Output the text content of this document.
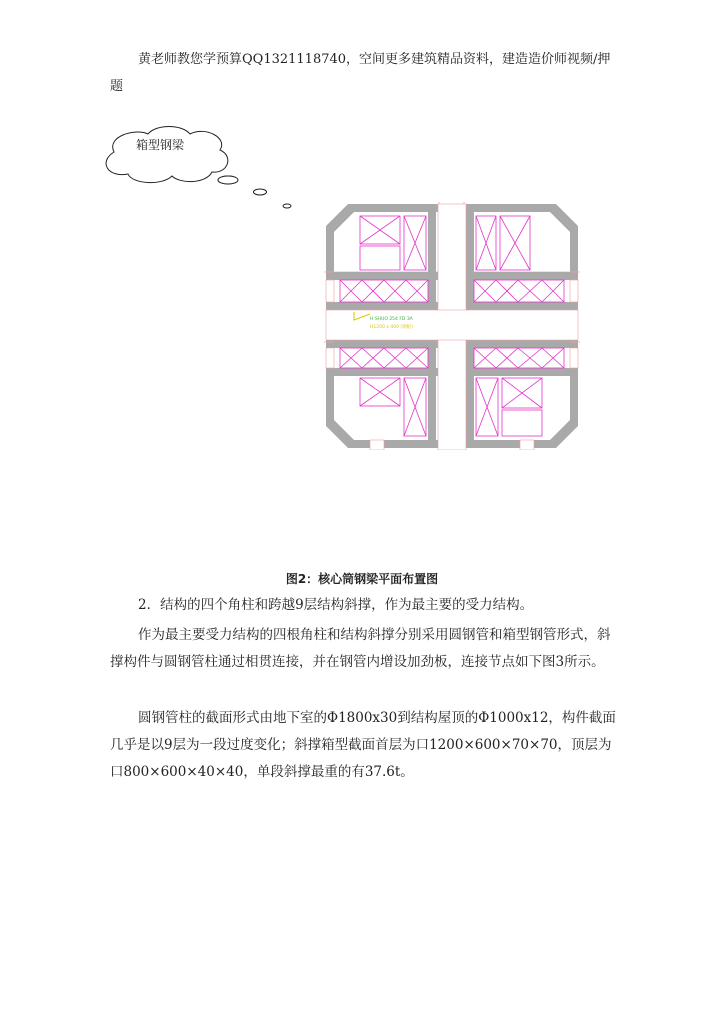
黄老师教您学预算QQ1321118740，空间更多建筑精品资料，建造造价师视频/押题

箱型钢梁
H SHUO 254 FD 3A
H1200 x 400 (钢板)
图2：核心筒钢梁平面布置图

2．结构的四个角柱和跨越9层结构斜撑，作为最主要的受力结构。

作为最主要受力结构的四根角柱和结构斜撑分别采用圆钢管和箱型钢管形式，斜撑构件与圆钢管柱通过相贯连接，并在钢管内增设加劲板，连接节点如下图3所示。

圆钢管柱的截面形式由地下室的Φ1800x30到结构屋顶的Φ1000x12，构件截面几乎是以9层为一段过度变化；斜撑箱型截面首层为口1200×600×70×70，顶层为口800×600×40×40，单段斜撑最重的有37.6t。
